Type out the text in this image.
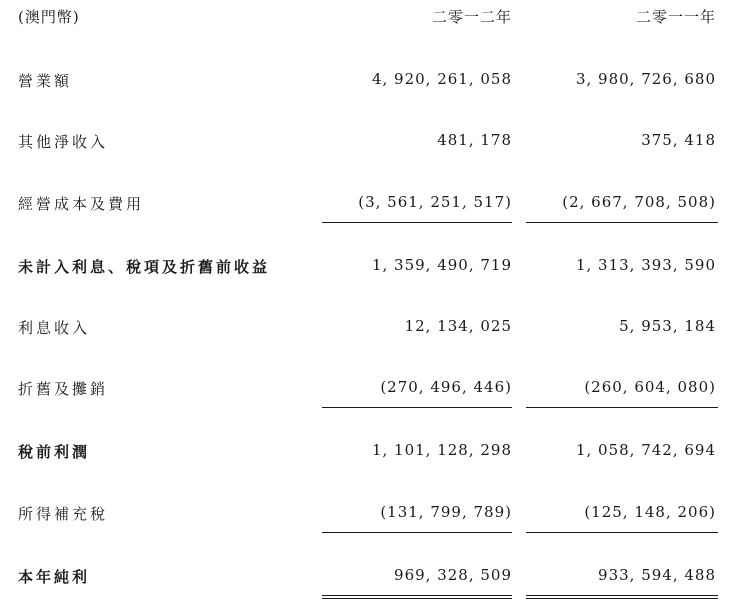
(澳門幣)	二零一二年	二零一一年
營業額	4, 920, 261, 058	3, 980, 726, 680
其他淨收入	481, 178	375, 418
經營成本及費用	(3, 561, 251, 517)	(2, 667, 708, 508)
未計入利息、稅項及折舊前收益	1, 359, 490, 719	1, 313, 393, 590
利息收入	12, 134, 025	5, 953, 184
折舊及攤銷	(270, 496, 446)	(260, 604, 080)
稅前利潤	1, 101, 128, 298	1, 058, 742, 694
所得補充稅	(131, 799, 789)	(125, 148, 206)
本年純利	969, 328, 509	933, 594, 488
